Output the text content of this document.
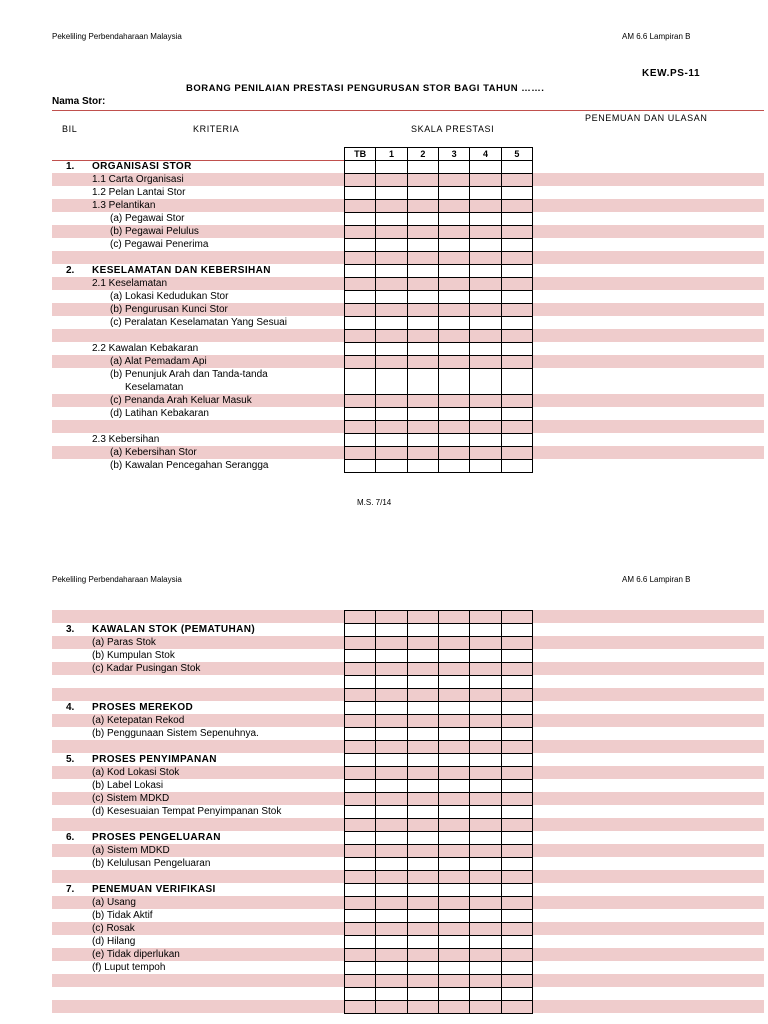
Pekeliling Perbendaharaan Malaysia	AM 6.6 Lampiran B
KEW.PS-11
BORANG PENILAIAN PRESTASI PENGURUSAN STOR BAGI TAHUN …….
Nama Stor:
PENEMUAN DAN ULASAN
BIL	KRITERIA	SKALA PRESTASI
1. ORGANISASI STOR
1.1 Carta Organisasi
1.2 Pelan Lantai Stor
1.3 Pelantikan
(a) Pegawai Stor
(b) Pegawai Pelulus
(c) Pegawai Penerima
2. KESELAMATAN DAN KEBERSIHAN
2.1 Keselamatan
(a) Lokasi Kedudukan Stor
(b) Pengurusan Kunci Stor
(c) Peralatan Keselamatan Yang Sesuai
2.2 Kawalan Kebakaran
(a) Alat Pemadam Api
(b) Penunjuk Arah dan Tanda-tanda
Keselamatan
(c) Penanda Arah Keluar Masuk
(d) Latihan Kebakaran
2.3 Kebersihan
(a) Kebersihan Stor
(b) Kawalan Pencegahan Serangga
TB	1	2	3	4	5

M.S. 7/14
Pekeliling Perbendaharaan Malaysia	AM 6.6 Lampiran B
3. KAWALAN STOK (PEMATUHAN)
(a) Paras Stok
(b) Kumpulan Stok
(c) Kadar Pusingan Stok
4. PROSES MEREKOD
(a) Ketepatan Rekod
(b) Penggunaan Sistem Sepenuhnya.
5. PROSES PENYIMPANAN
(a) Kod Lokasi Stok
(b) Label Lokasi
(c) Sistem MDKD
(d) Kesesuaian Tempat Penyimpanan Stok
6. PROSES PENGELUARAN
(a) Sistem MDKD
(b) Kelulusan Pengeluaran
7. PENEMUAN VERIFIKASI
(a) Usang
(b) Tidak Aktif
(c) Rosak
(d) Hilang
(e) Tidak diperlukan
(f) Luput tempoh
